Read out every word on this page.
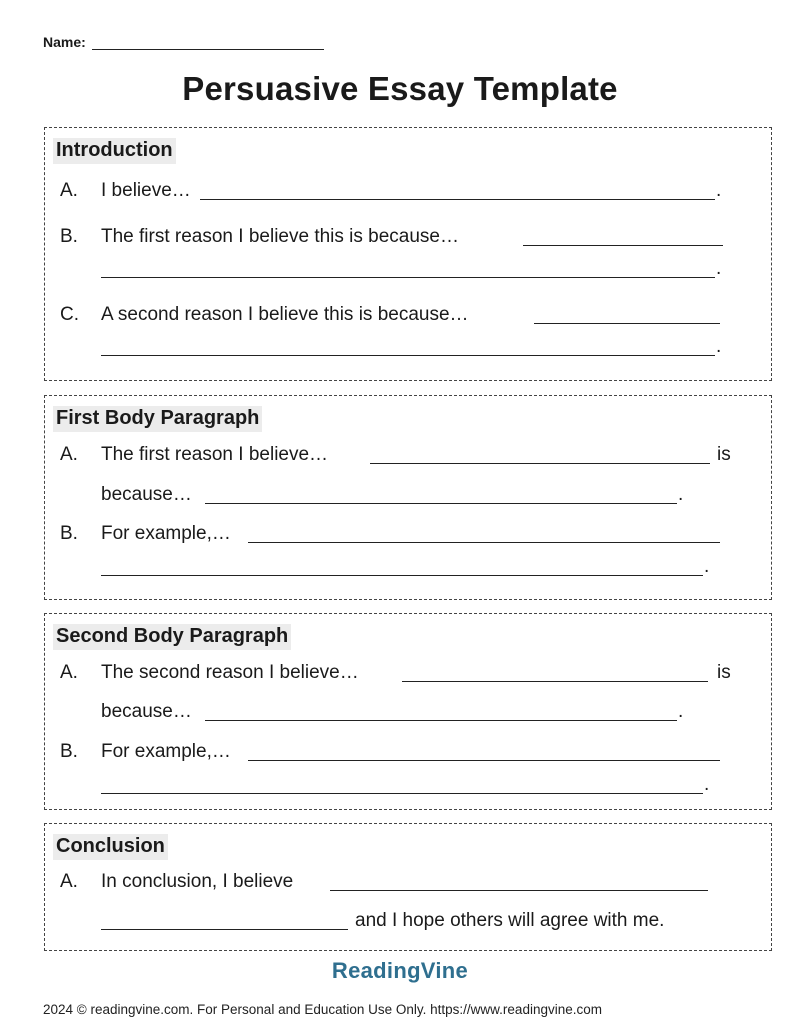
Name:
Persuasive Essay Template
Introduction
A. I believe…	.
B. The first reason I believe this is because…
.
C. A second reason I believe this is because…
.
First Body Paragraph
A. The first reason I believe…	is
because…	.
B. For example,…
.
Second Body Paragraph
A. The second reason I believe…	is
because…	.
B. For example,…
.
Conclusion
A. In conclusion, I believe
and I hope others will agree with me.
ReadingVine
2024 © readingvine.com. For Personal and Education Use Only. https://www.readingvine.com
